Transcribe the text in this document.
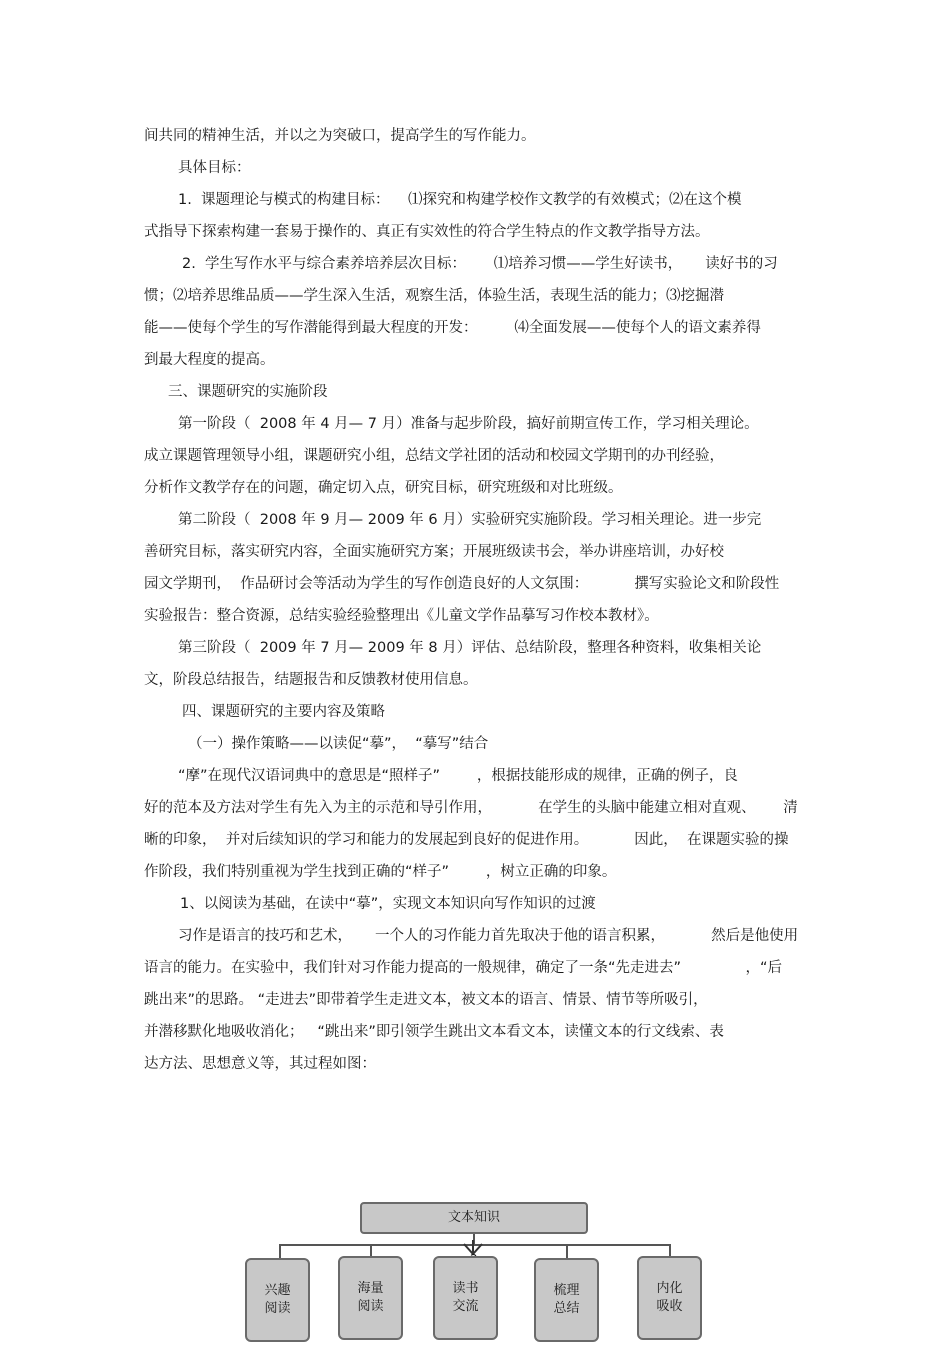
间共同的精神生活，并以之为突破口，提高学生的写作能力。
具体目标：
1.  课题理论与模式的构建目标：    ⑴探究和构建学校作文教学的有效模式；⑵在这个模
式指导下探索构建一套易于操作的、真正有实效性的符合学生特点的作文教学指导方法。
2.  学生写作水平与综合素养培养层次目标：      ⑴培养习惯——学生好读书，     读好书的习
惯；⑵培养思维品质——学生深入生活，观察生活，体验生活，表现生活的能力；⑶挖掘潜
能——使每个学生的写作潜能得到最大程度的开发：        ⑷全面发展——使每个人的语文素养得
到最大程度的提高。
三、课题研究的实施阶段
第一阶段（  2008 年 4 月— 7 月）准备与起步阶段，搞好前期宣传工作，学习相关理论。
成立课题管理领导小组，课题研究小组，总结文学社团的活动和校园文学期刊的办刊经验，
分析作文教学存在的问题，确定切入点，研究目标，研究班级和对比班级。
第二阶段（  2008 年 9 月— 2009 年 6 月）实验研究实施阶段。学习相关理论。进一步完
善研究目标，落实研究内容，全面实施研究方案；开展班级读书会，举办讲座培训，办好校
园文学期刊，  作品研讨会等活动为学生的写作创造良好的人文氛围：          撰写实验论文和阶段性
实验报告：整合资源，总结实验经验整理出《儿童文学作品摹写习作校本教材》。
第三阶段（  2009 年 7 月— 2009 年 8 月）评估、总结阶段，整理各种资料，收集相关论
文，阶段总结报告，结题报告和反馈教材使用信息。
四、课题研究的主要内容及策略
（一）操作策略——以读促“摹”，  “摹写”结合
“摩”在现代汉语词典中的意思是“照样子”        ，根据技能形成的规律，正确的例子，良
好的范本及方法对学生有先入为主的示范和导引作用，          在学生的头脑中能建立相对直观、      清
晰的印象，  并对后续知识的学习和能力的发展起到良好的促进作用。          因此，  在课题实验的操
作阶段，我们特别重视为学生找到正确的“样子”        ，树立正确的印象。
1、以阅读为基础，在读中“摹”，实现文本知识向写作知识的过渡
习作是语言的技巧和艺术，     一个人的习作能力首先取决于他的语言积累，          然后是他使用
语言的能力。在实验中，我们针对习作能力提高的一般规律，确定了一条“先走进去”              ，“后
跳出来”的思路。 “走进去”即带着学生走进文本，被文本的语言、情景、情节等所吸引，
并潜移默化地吸收消化；   “跳出来”即引领学生跳出文本看文本，读懂文本的行文线索、表
达方法、思想意义等，其过程如图：
文本知识
兴趣
阅读
海量
阅读
读书
交流
梳理
总结
内化
吸收
